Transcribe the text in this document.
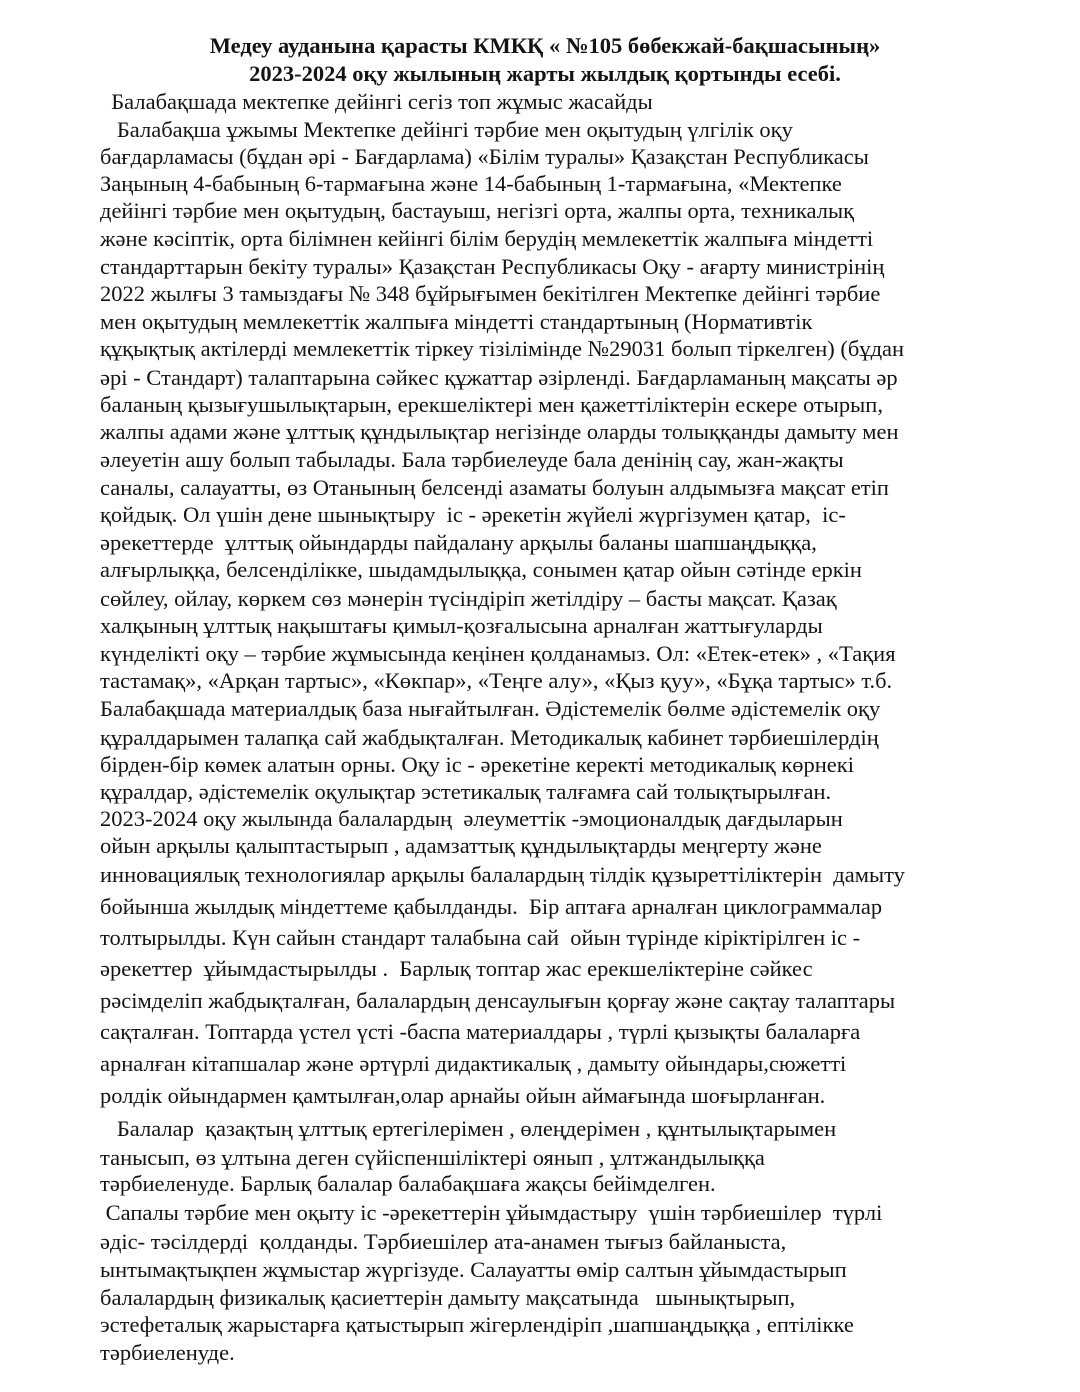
Медеу ауданына қарасты КМКҚ « №105 бөбекжай-бақшасының»
2023-2024 оқу жылының жарты жылдық қортынды есебі.
Балабақшада мектепке дейінгі сегіз топ жұмыс жасайды
Балабақша ұжымы Мектепке дейінгі тәрбие мен оқытудың үлгілік оқу
бағдарламасы (бұдан әрі - Бағдарлама) «Білім туралы» Қазақстан Республикасы
Заңының 4-бабының 6-тармағына және 14-бабының 1-тармағына, «Мектепке
дейінгі тәрбие мен оқытудың, бастауыш, негізгі орта, жалпы орта, техникалық
және кәсіптік, орта білімнен кейінгі білім берудің мемлекеттік жалпыға міндетті
стандарттарын бекіту туралы» Қазақстан Республикасы Оқу - ағарту министрінің
2022 жылғы 3 тамыздағы № 348 бұйрығымен бекітілген Мектепке дейінгі тәрбие
мен оқытудың мемлекеттік жалпыға міндетті стандартының (Нормативтік
құқықтық актілерді мемлекеттік тіркеу тізілімінде №29031 болып тіркелген) (бұдан
әрі - Стандарт) талаптарына сәйкес құжаттар әзірленді. Бағдарламаның мақсаты әр
баланың қызығушылықтарын, ерекшеліктері мен қажеттіліктерін ескере отырып,
жалпы адами және ұлттық құндылықтар негізінде оларды толыққанды дамыту мен
әлеуетін ашу болып табылады. Бала тәрбиелеуде бала денінің сау, жан-жақты
саналы, салауатты, өз Отанының белсенді азаматы болуын алдымызға мақсат етіп
қойдық. Ол үшін дене шынықтыру  іс - әрекетін жүйелі жүргізумен қатар,  іс-
әрекеттерде  ұлттық ойындарды пайдалану арқылы баланы шапшаңдыққа,
алғырлыққа, белсенділікке, шыдамдылыққа, сонымен қатар ойын сәтінде еркін
сөйлеу, ойлау, көркем сөз мәнерін түсіндіріп жетілдіру – басты мақсат. Қазақ
халқының ұлттық нақыштағы қимыл-қозғалысына арналған жаттығуларды
күнделікті оқу – тәрбие жұмысында кеңінен қолданамыз. Ол: «Етек-етек» , «Тақия
тастамақ», «Арқан тартыс», «Көкпар», «Теңге алу», «Қыз қуу», «Бұқа тартыс» т.б.
Балабақшада материалдық база нығайтылған. Әдістемелік бөлме әдістемелік оқу
құралдарымен талапқа сай жабдықталған. Методикалық кабинет тәрбиешілердің
бірден-бір көмек алатын орны. Оқу іс - әрекетіне керекті методикалық көрнекі
құралдар, әдістемелік оқулықтар эстетикалық талғамға сай толықтырылған.
2023-2024 оқу жылында балалардың  әлеуметтік -эмоционалдық дағдыларын
ойын арқылы қалыптастырып , адамзаттық құндылықтарды меңгерту және
инновациялық технологиялар арқылы балалардың тілдік құзыреттіліктерін  дамыту
бойынша жылдық міндеттеме қабылданды.  Бір аптаға арналған циклограммалар
толтырылды. Күн сайын стандарт талабына сай  ойын түрінде кіріктірілген іс -
әрекеттер  ұйымдастырылды .  Барлық топтар жас ерекшеліктеріне сәйкес
рәсімделіп жабдықталған, балалардың денсаулығын қорғау және сақтау талаптары
сақталған. Топтарда үстел үсті -баспа материалдары , түрлі қызықты балаларға
арналған кітапшалар және әртүрлі дидактикалық , дамыту ойындары,сюжетті
ролдік ойындармен қамтылған,олар арнайы ойын аймағында шоғырланған.
Балалар  қазақтың ұлттық ертегілерімен , өлеңдерімен , құнтылықтарымен
танысып, өз ұлтына деген сүйіспеншіліктері оянып , ұлтжандылыққа
тәрбиеленуде. Барлық балалар балабақшаға жақсы бейімделген.
Сапалы тәрбие мен оқыту іс -әрекеттерін ұйымдастыру  үшін тәрбиешілер  түрлі
әдіс- тәсілдерді  қолданды. Тәрбиешілер ата-анамен тығыз байланыста,
ынтымақтықпен жұмыстар жүргізуде. Салауатты өмір салтын ұйымдастырып
балалардың физикалық қасиеттерін дамыту мақсатында   шынықтырып,
эстефеталық жарыстарға қатыстырып жігерлендіріп ,шапшаңдыққа , ептілікке
тәрбиеленуде.
